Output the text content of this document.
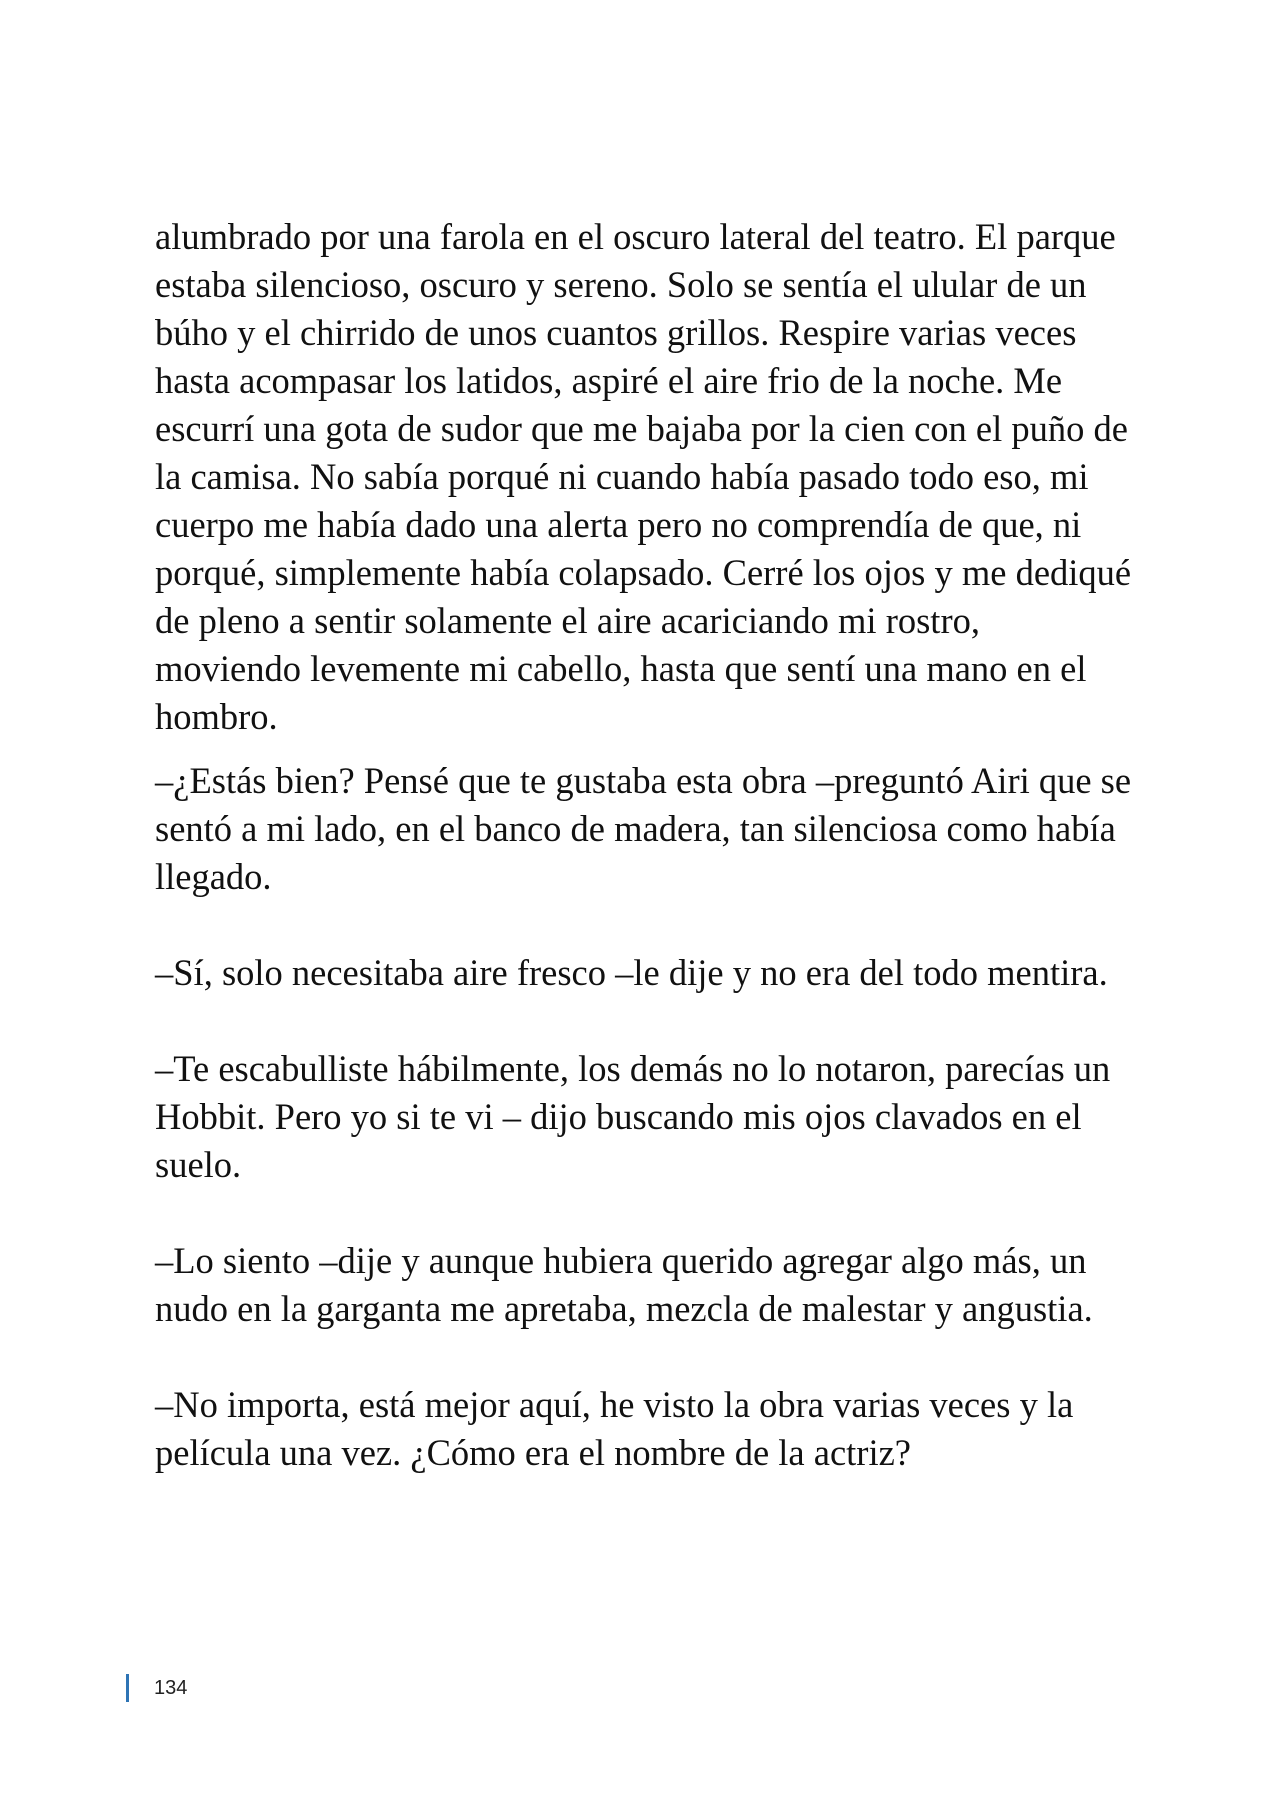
alumbrado por una farola en el oscuro lateral del teatro. El parque estaba silencioso, oscuro y sereno. Solo se sentía el ulular de un búho y el chirrido de unos cuantos grillos. Respire varias veces hasta acompasar los latidos, aspiré el aire frio de la noche. Me escurrí una gota de sudor que me bajaba por la cien con el puño de la camisa. No sabía porqué ni cuando había pasado todo eso, mi cuerpo me había dado una alerta pero no comprendía de que, ni porqué, simplemente había colapsado. Cerré los ojos y me dediqué de pleno a sentir solamente el aire acariciando mi rostro, moviendo levemente mi cabello, hasta que sentí una mano en el hombro.

–¿Estás bien? Pensé que te gustaba esta obra –preguntó Airi que se sentó a mi lado, en el banco de madera, tan silenciosa como había llegado.

–Sí, solo necesitaba aire fresco –le dije y no era del todo mentira.

–Te escabulliste hábilmente, los demás no lo notaron, parecías un Hobbit. Pero yo si te vi – dijo buscando mis ojos clavados en el suelo.

–Lo siento –dije y aunque hubiera querido agregar algo más, un nudo en la garganta me apretaba, mezcla de malestar y angustia.

–No importa, está mejor aquí, he visto la obra varias veces y la película una vez. ¿Cómo era el nombre de la actriz?

134
